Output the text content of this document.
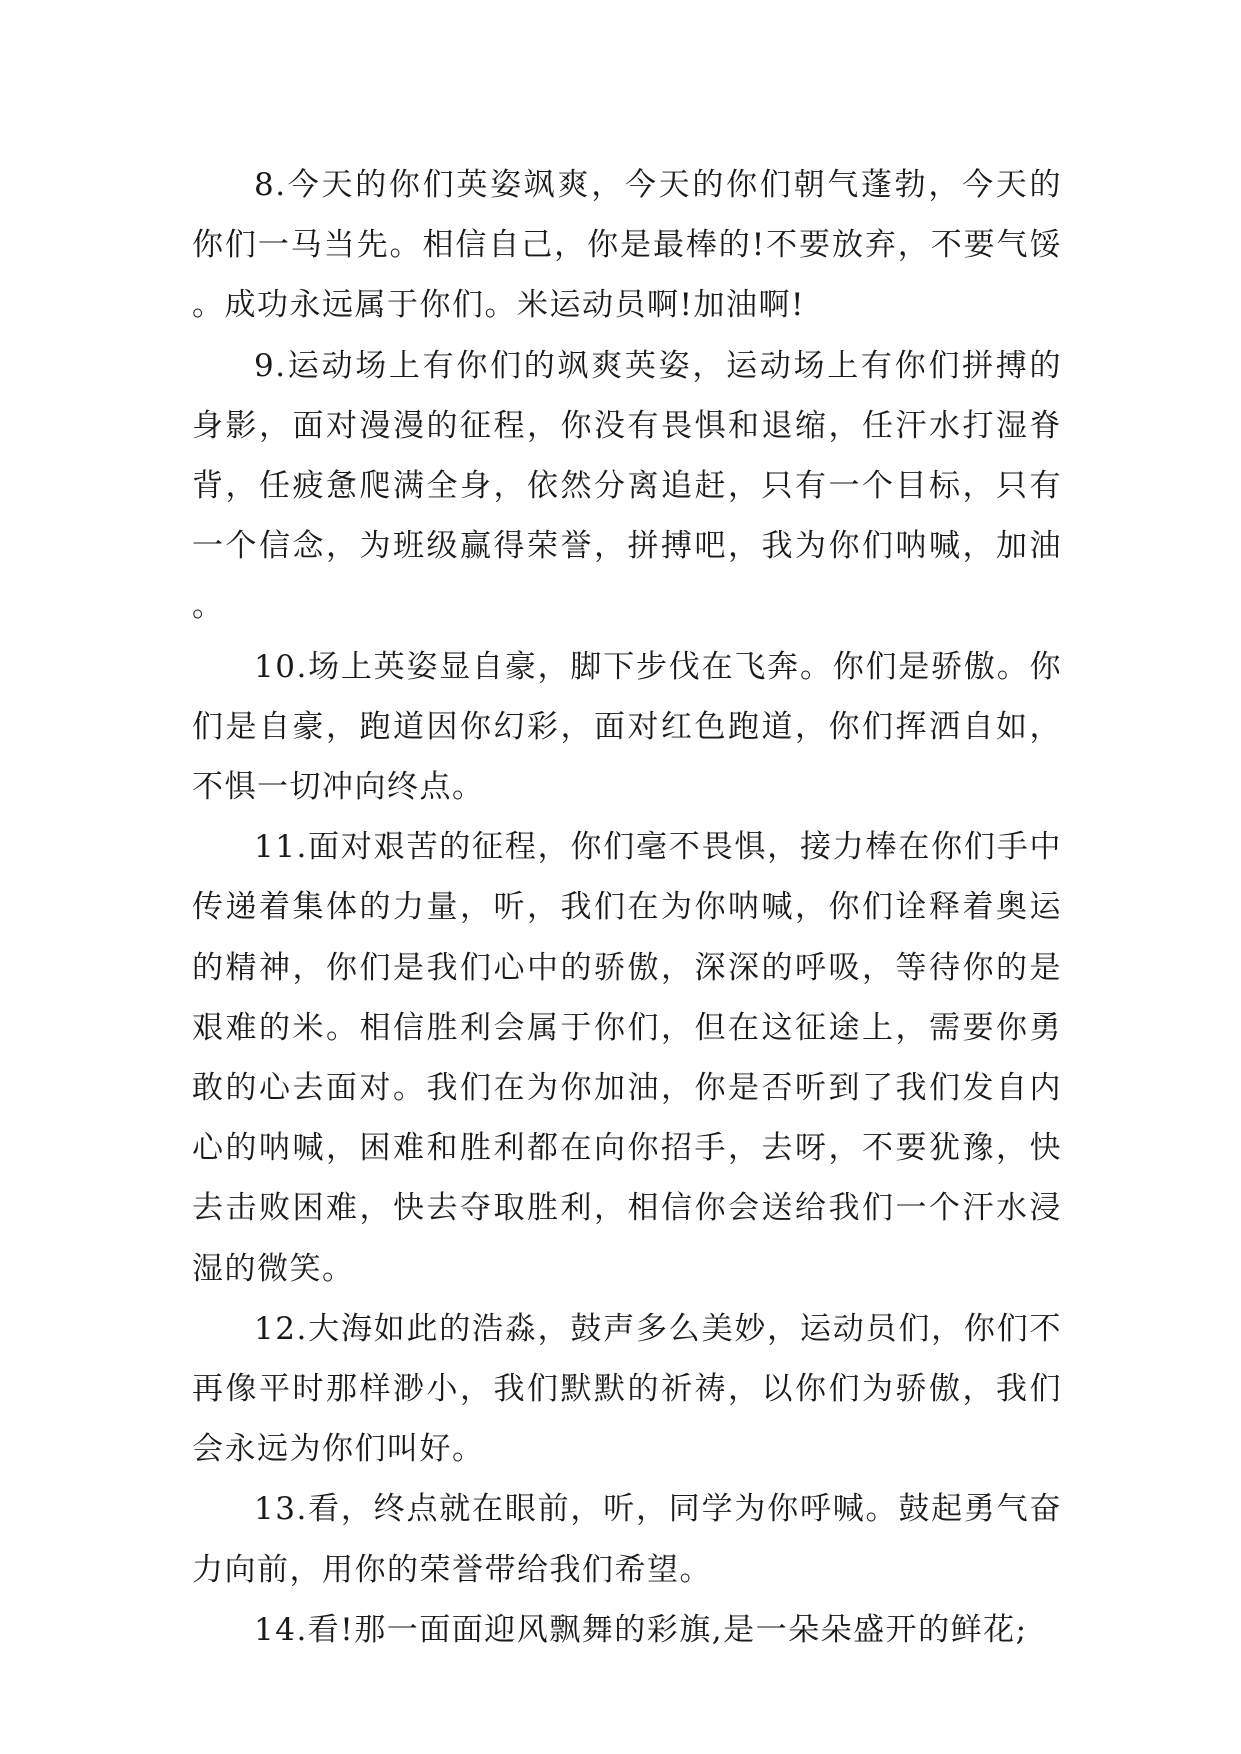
8.今天的你们英姿飒爽，今天的你们朝气蓬勃，今天的你们一马当先。相信自己，你是最棒的!不要放弃，不要气馁。成功永远属于你们。米运动员啊!加油啊!

9.运动场上有你们的飒爽英姿，运动场上有你们拼搏的身影，面对漫漫的征程，你没有畏惧和退缩，任汗水打湿脊背，任疲惫爬满全身，依然分离追赶，只有一个目标，只有一个信念，为班级赢得荣誉，拼搏吧，我为你们呐喊，加油。

10.场上英姿显自豪，脚下步伐在飞奔。你们是骄傲。你们是自豪，跑道因你幻彩，面对红色跑道，你们挥洒自如，不惧一切冲向终点。

11.面对艰苦的征程，你们毫不畏惧，接力棒在你们手中传递着集体的力量，听，我们在为你呐喊，你们诠释着奥运的精神，你们是我们心中的骄傲，深深的呼吸，等待你的是艰难的米。相信胜利会属于你们，但在这征途上，需要你勇敢的心去面对。我们在为你加油，你是否听到了我们发自内心的呐喊，困难和胜利都在向你招手，去呀，不要犹豫，快去击败困难，快去夺取胜利，相信你会送给我们一个汗水浸湿的微笑。

12.大海如此的浩淼，鼓声多么美妙，运动员们，你们不再像平时那样渺小，我们默默的祈祷，以你们为骄傲，我们会永远为你们叫好。

13.看，终点就在眼前，听，同学为你呼喊。鼓起勇气奋力向前，用你的荣誉带给我们希望。

14.看!那一面面迎风飘舞的彩旗,是一朵朵盛开的鲜花;
